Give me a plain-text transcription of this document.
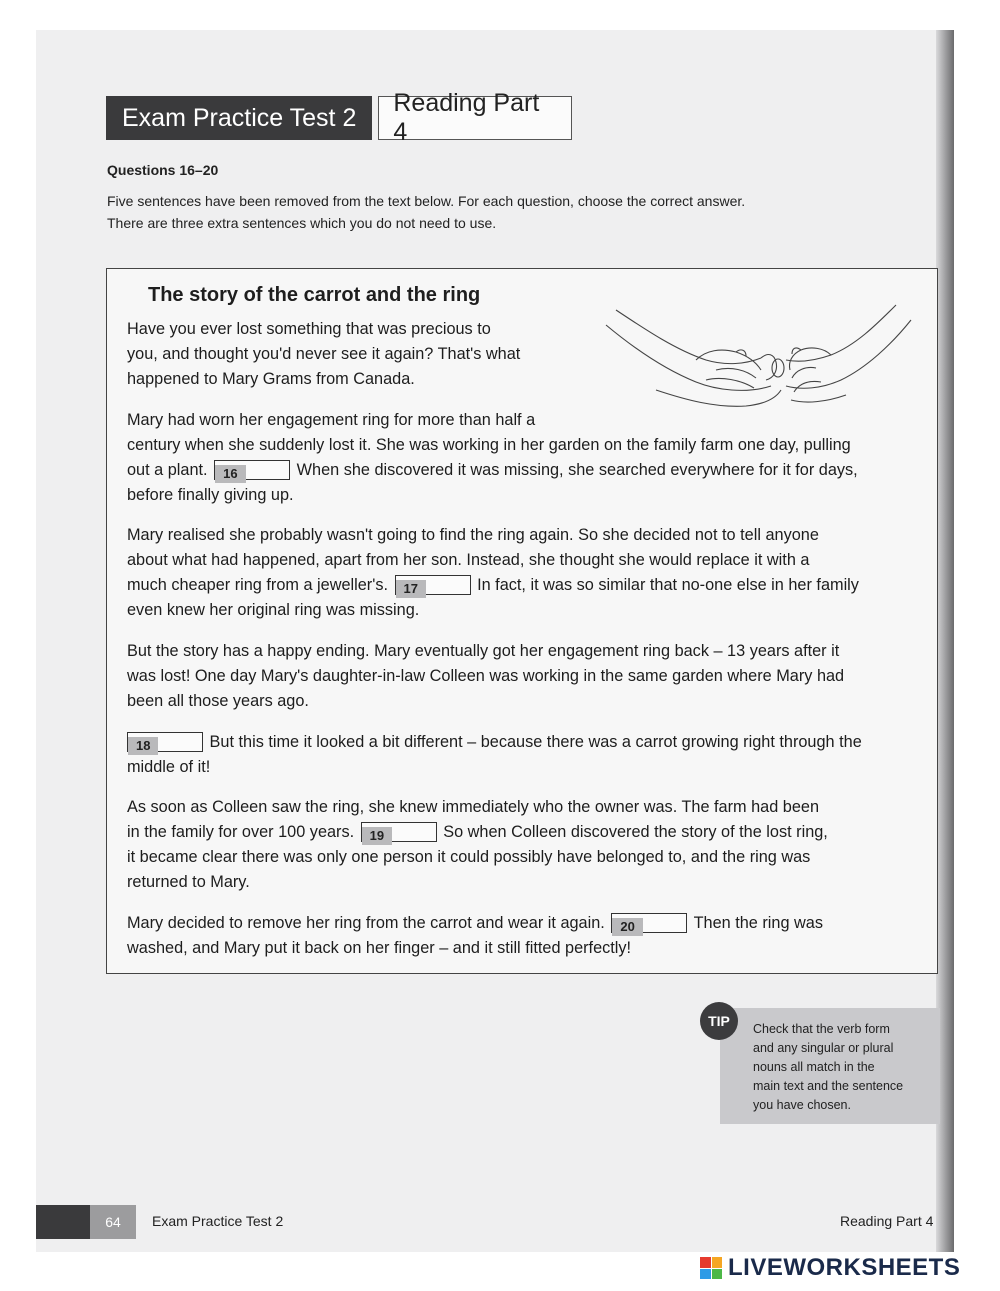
Exam Practice Test 2
Reading Part 4
Questions 16–20
Five sentences have been removed from the text below. For each question, choose the correct answer.
There are three extra sentences which you do not need to use.
The story of the carrot and the ring
Have you ever lost something that was precious to
you, and thought you'd never see it again? That's what
happened to Mary Grams from Canada.
Mary had worn her engagement ring for more than half a
century when she suddenly lost it. She was working in her garden on the family farm one day, pulling
out a plant. 16	When she discovered it was missing, she searched everywhere for it for days,
before finally giving up.
Mary realised she probably wasn't going to find the ring again. So she decided not to tell anyone
about what had happened, apart from her son. Instead, she thought she would replace it with a
much cheaper ring from a jeweller's. 17	In fact, it was so similar that no-one else in her family
even knew her original ring was missing.
But the story has a happy ending. Mary eventually got her engagement ring back – 13 years after it
was lost! One day Mary's daughter-in-law Colleen was working in the same garden where Mary had
been all those years ago.
18	But this time it looked a bit different – because there was a carrot growing right through the
middle of it!
As soon as Colleen saw the ring, she knew immediately who the owner was. The farm had been
in the family for over 100 years. 19	So when Colleen discovered the story of the lost ring,
it became clear there was only one person it could possibly have belonged to, and the ring was
returned to Mary.
Mary decided to remove her ring from the carrot and wear it again. 20	Then the ring was
washed, and Mary put it back on her finger – and it still fitted perfectly!
TIP	Check that the verb form
and any singular or plural
nouns all match in the
main text and the sentence
you have chosen.
64	Exam Practice Test 2	Reading Part 4
LIVEWORKSHEETS
